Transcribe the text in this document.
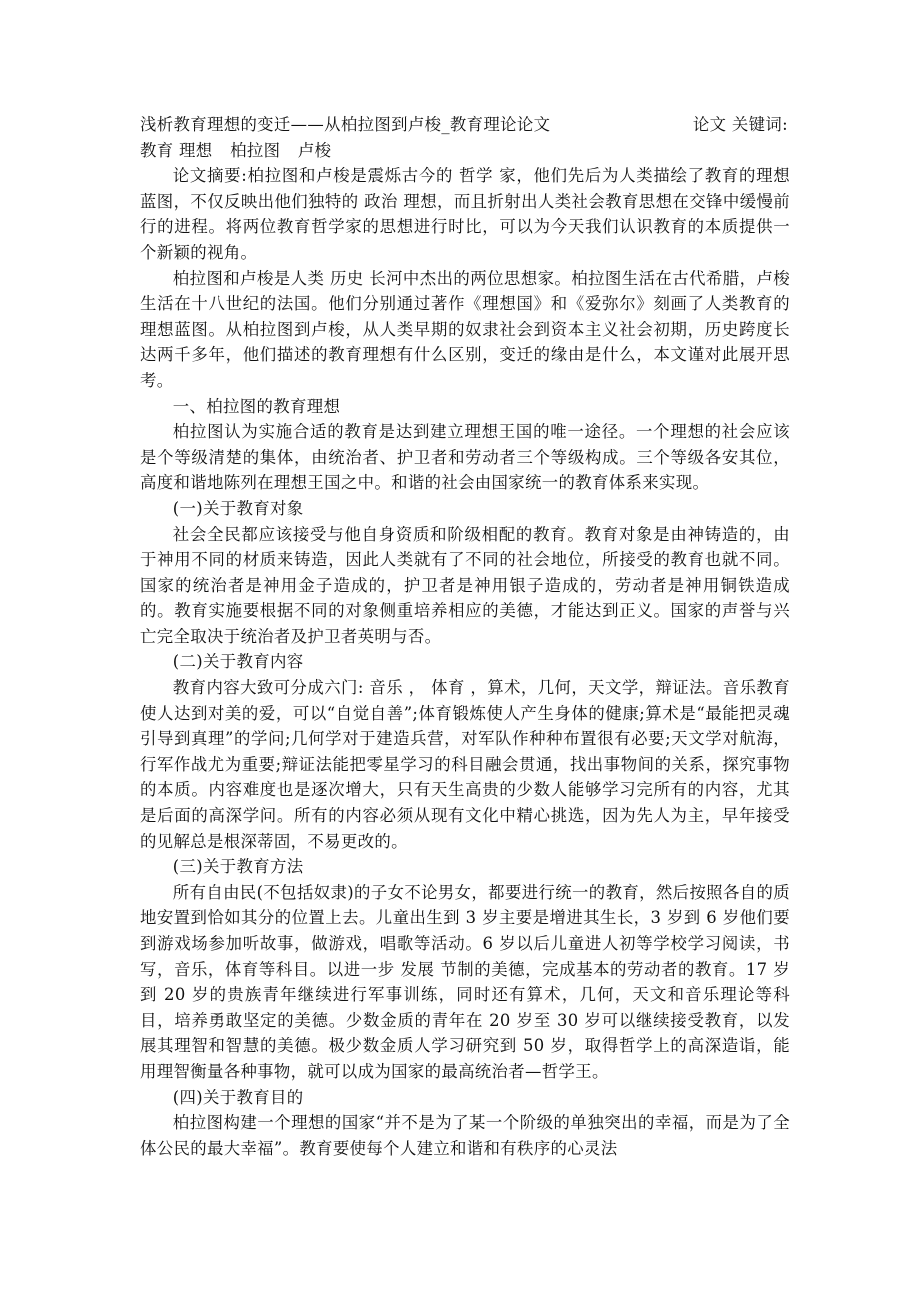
浅析教育理想的变迁——从柏拉图到卢梭_教育理论论文	论文 关键词:
教育 理想 柏拉图 卢梭

论文摘要:柏拉图和卢梭是震烁古今的 哲学 家，他们先后为人类描绘了教育的理想蓝图，不仅反映出他们独特的 政治 理想，而且折射出人类社会教育思想在交锋中缓慢前行的进程。将两位教育哲学家的思想进行时比，可以为今天我们认识教育的本质提供一个新颖的视角。

柏拉图和卢梭是人类 历史 长河中杰出的两位思想家。柏拉图生活在古代希腊，卢梭生活在十八世纪的法国。他们分别通过著作《理想国》和《爱弥尔》刻画了人类教育的理想蓝图。从柏拉图到卢梭，从人类早期的奴隶社会到资本主义社会初期，历史跨度长达两千多年，他们描述的教育理想有什么区别，变迁的缘由是什么，本文谨对此展开思考。

一、柏拉图的教育理想

柏拉图认为实施合适的教育是达到建立理想王国的唯一途径。一个理想的社会应该是个等级清楚的集体，由统治者、护卫者和劳动者三个等级构成。三个等级各安其位，高度和谐地陈列在理想王国之中。和谐的社会由国家统一的教育体系来实现。

(一)关于教育对象

社会全民都应该接受与他自身资质和阶级相配的教育。教育对象是由神铸造的，由于神用不同的材质来铸造，因此人类就有了不同的社会地位，所接受的教育也就不同。国家的统治者是神用金子造成的，护卫者是神用银子造成的，劳动者是神用铜铁造成的。教育实施要根据不同的对象侧重培养相应的美德，才能达到正义。国家的声誉与兴亡完全取决于统治者及护卫者英明与否。

(二)关于教育内容

教育内容大致可分成六门: 音乐 ， 体育 ，算术，几何，天文学，辩证法。音乐教育使人达到对美的爱，可以“自觉自善”;体育锻炼使人产生身体的健康;算术是“最能把灵魂引导到真理”的学问;几何学对于建造兵营，对军队作种种布置很有必要;天文学对航海，行军作战尤为重要;辩证法能把零星学习的科目融会贯通，找出事物间的关系，探究事物的本质。内容难度也是逐次增大，只有天生高贵的少数人能够学习完所有的内容，尤其是后面的高深学问。所有的内容必须从现有文化中精心挑选，因为先人为主，早年接受的见解总是根深蒂固，不易更改的。

(三)关于教育方法

所有自由民(不包括奴隶)的子女不论男女，都要进行统一的教育，然后按照各自的质地安置到恰如其分的位置上去。儿童出生到 3 岁主要是增进其生长，3 岁到 6 岁他们要到游戏场参加听故事，做游戏，唱歌等活动。6 岁以后儿童进人初等学校学习阅读，书写，音乐，体育等科目。以进一步 发展 节制的美德，完成基本的劳动者的教育。17 岁到 20 岁的贵族青年继续进行军事训练，同时还有算术，几何，天文和音乐理论等科目，培养勇敢坚定的美德。少数金质的青年在 20 岁至 30 岁可以继续接受教育，以发展其理智和智慧的美德。极少数金质人学习研究到 50 岁，取得哲学上的高深造诣，能用理智衡量各种事物，就可以成为国家的最高统治者—哲学王。

(四)关于教育目的

柏拉图构建一个理想的国家“并不是为了某一个阶级的单独突出的幸福，而是为了全体公民的最大幸福”。教育要使每个人建立和谐和有秩序的心灵法
